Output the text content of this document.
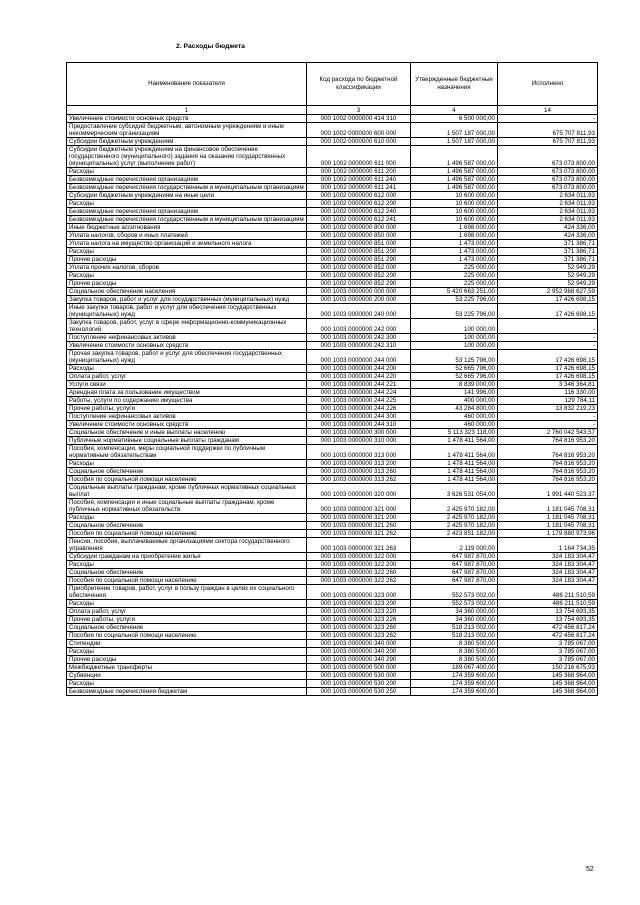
2. Расходы бюджета
Наименование показателя	Код расхода по бюджетной классификации	Утвержденные бюджетные назначения	Исполнено
1	3	4	14
Увеличение стоимости основных средств	000 1002 0000000 414 310	6 500 000,00	-
Предоставление субсидий бюджетным, автономным учреждениям и иным некоммерческим организациям	000 1002 0000000 600 000	1 507 187 000,00	675 707 811,93
Субсидии бюджетным учреждениям	000 1002 0000000 610 000	1 507 187 000,00	675 707 811,93
Субсидии бюджетным учреждениям на финансовое обеспечение государственного (муниципального) задания на оказание государственных (муниципальных) услуг (выполнение работ)	000 1002 0000000 611 000	1 496 587 000,00	673 073 800,00
Расходы	000 1002 0000000 611 200	1 496 587 000,00	673 073 800,00
Безвозмездные перечисления организациям	000 1002 0000000 611 240	1 496 587 000,00	673 073 800,00
Безвозмездные перечисления государственным и муниципальным организациям	000 1002 0000000 611 241	1 496 587 000,00	673 073 800,00
Субсидии бюджетным учреждениям на иные цели	000 1002 0000000 612 000	10 600 000,00	2 634 011,93
Расходы	000 1002 0000000 612 200	10 600 000,00	2 634 011,93
Безвозмездные перечисления организациям	000 1002 0000000 612 240	10 600 000,00	2 634 011,93
Безвозмездные перечисления государственным и муниципальным организациям	000 1002 0000000 612 241	10 600 000,00	2 634 011,93
Иные бюджетные ассигнования	000 1002 0000000 800 000	1 698 000,00	424 336,00
Уплата налогов, сборов и иных платежей	000 1002 0000000 850 000	1 698 000,00	424 336,00
Уплата налога на имущество организаций и земельного налога	000 1002 0000000 851 000	1 473 000,00	371 386,71
Расходы	000 1002 0000000 851 200	1 473 000,00	371 386,71
Прочие расходы	000 1002 0000000 851 290	1 473 000,00	371 386,71
Уплата прочих налогов, сборов	000 1002 0000000 852 000	225 000,00	52 949,29
Расходы	000 1002 0000000 852 200	225 000,00	52 949,29
Прочие расходы	000 1002 0000000 852 290	225 000,00	52 949,29
Социальное обеспечение населения	000 1003 0000000 000 000	5 420 663 251,00	2 952 968 627,59
Закупка товаров, работ и услуг для государственных (муниципальных) нужд	000 1003 0000000 200 000	53 225 796,00	17 426 698,15
Иные закупки товаров, работ и услуг для обеспечения государственных (муниципальных) нужд	000 1003 0000000 240 000	53 225 796,00	17 426 698,15
Закупка товаров, работ, услуг в сфере информационно-коммуникационных технологий	000 1003 0000000 242 000	100 000,00	-
Поступление нефинансовых активов	000 1003 0000000 242 300	100 000,00	-
Увеличение стоимости основных средств	000 1003 0000000 242 310	100 000,00	-
Прочая закупка товаров, работ и услуг для обеспечения государственных (муниципальных) нужд	000 1003 0000000 244 000	53 125 796,00	17 426 698,15
Расходы	000 1003 0000000 244 200	52 665 796,00	17 426 698,15
Оплата работ, услуг	000 1003 0000000 244 220	52 665 796,00	17 426 698,15
Услуги связи	000 1003 0000000 244 221	8 839 000,00	3 346 364,81
Арендная плата за пользование имуществом	000 1003 0000000 244 224	141 996,00	116 330,00
Работы, услуги по содержанию имущества	000 1003 0000000 244 225	400 000,00	129 784,11
Прочие работы, услуги	000 1003 0000000 244 226	43 284 800,00	13 832 219,23
Поступление нефинансовых активов	000 1003 0000000 244 300	460 000,00	-
Увеличение стоимости основных средств	000 1003 0000000 244 310	460 000,00	-
Социальное обеспечение и иные выплаты населению	000 1003 0000000 300 000	5 113 323 118,00	2 760 042 543,57
Публичные нормативные социальные выплаты гражданам	000 1003 0000000 310 000	1 478 411 564,00	764 816 953,20
Пособия, компенсации, меры социальной поддержки по публичным нормативным обязательствам	000 1003 0000000 313 000	1 478 411 564,00	764 816 953,20
Расходы	000 1003 0000000 313 200	1 478 411 564,00	764 816 953,20
Социальное обеспечение	000 1003 0000000 313 260	1 478 411 564,00	764 816 953,20
Пособия по социальной помощи населению	000 1003 0000000 313 262	1 478 411 564,00	764 816 953,20
Социальные выплаты гражданам, кроме публичных нормативных социальных выплат	000 1003 0000000 320 000	3 626 531 054,00	1 991 440 523,37
Пособия, компенсации и иные социальные выплаты гражданам, кроме публичных нормативных обязательств	000 1003 0000000 321 000	2 425 970 182,00	1 181 045 708,31
Расходы	000 1003 0000000 321 200	2 425 970 182,00	1 181 045 708,31
Социальное обеспечение	000 1003 0000000 321 260	2 425 970 182,00	1 181 045 708,31
Пособия по социальной помощи населению	000 1003 0000000 321 262	2 423 851 182,00	1 179 880 973,96
Пенсии, пособия, выплачиваемые организациями сектора государственного управления	000 1003 0000000 321 263	2 119 000,00	1 164 734,35
Субсидии гражданам на приобретение жилья	000 1003 0000000 322 000	647 987 870,00	324 183 304,47
Расходы	000 1003 0000000 322 200	647 987 870,00	324 183 304,47
Социальное обеспечение	000 1003 0000000 322 260	647 987 870,00	324 183 304,47
Пособия по социальной помощи населению	000 1003 0000000 322 262	647 987 870,00	324 183 304,47
Приобретение товаров, работ, услуг в пользу граждан в целях их социального обеспечения	000 1003 0000000 323 000	552 573 002,00	486 211 510,59
Расходы	000 1003 0000000 323 200	552 573 002,00	486 211 510,59
Оплата работ, услуг	000 1003 0000000 323 220	34 360 000,00	13 754 693,35
Прочие работы, услуги	000 1003 0000000 323 226	34 360 000,00	13 754 693,35
Социальное обеспечение	000 1003 0000000 323 260	518 213 002,00	472 456 817,24
Пособия по социальной помощи населению	000 1003 0000000 323 262	518 213 002,00	472 456 817,24
Стипендии	000 1003 0000000 340 000	8 380 500,00	3 785 067,00
Расходы	000 1003 0000000 340 200	8 380 500,00	3 785 067,00
Прочие расходы	000 1003 0000000 340 290	8 380 500,00	3 785 067,00
Межбюджетные трансферты	000 1003 0000000 500 000	189 067 400,00	150 216 675,93
Субвенции	000 1003 0000000 530 000	174 359 600,00	145 368 964,00
Расходы	000 1003 0000000 530 200	174 359 600,00	145 368 964,00
Безвозмездные перечисления бюджетам	000 1003 0000000 530 250	174 359 600,00	145 368 964,00
52
